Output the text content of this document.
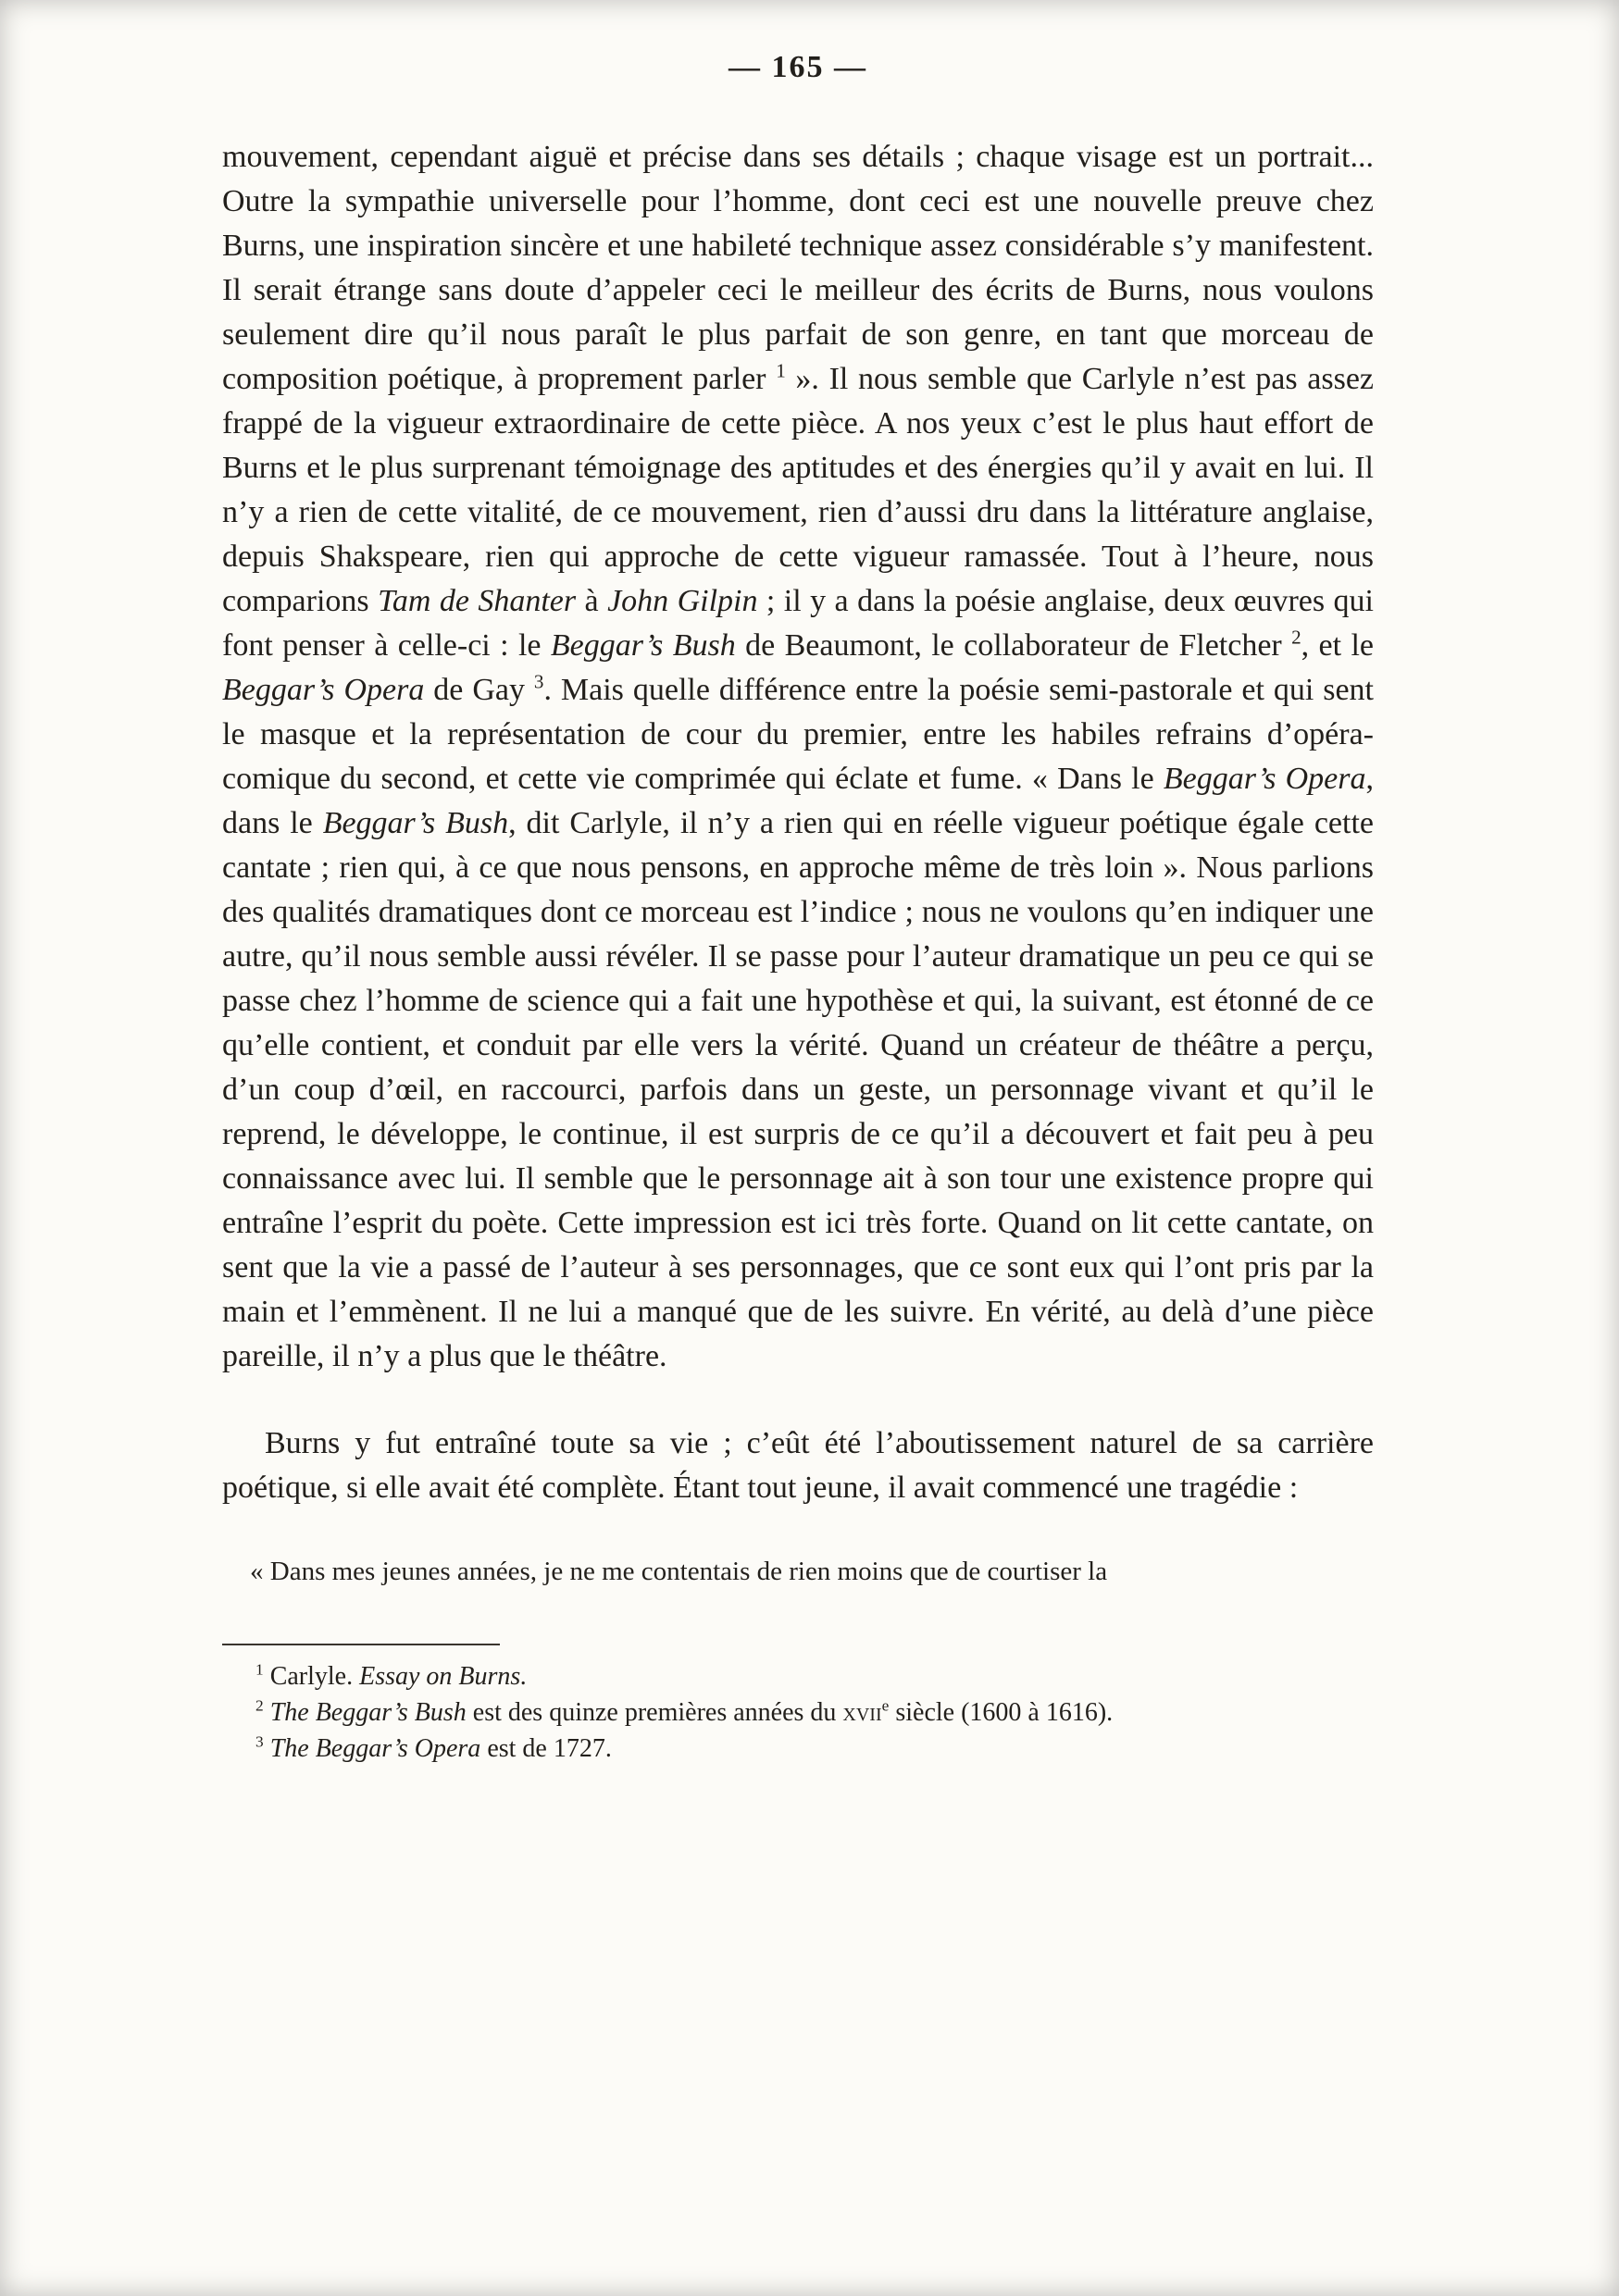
— 165 —

mouvement, cependant aiguë et précise dans ses détails ; chaque visage est un portrait... Outre la sympathie universelle pour l’homme, dont ceci est une nouvelle preuve chez Burns, une inspiration sincère et une habileté technique assez considérable s’y manifestent. Il serait étrange sans doute d’appeler ceci le meilleur des écrits de Burns, nous voulons seulement dire qu’il nous paraît le plus parfait de son genre, en tant que morceau de composition poétique, à proprement parler $^1$ ». Il nous semble que Carlyle n’est pas assez frappé de la vigueur extraordinaire de cette pièce. A nos yeux c’est le plus haut effort de Burns et le plus surprenant témoignage des aptitudes et des énergies qu’il y avait en lui. Il n’y a rien de cette vitalité, de ce mouvement, rien d’aussi dru dans la littérature anglaise, depuis Shakspeare, rien qui approche de cette vigueur ramassée. Tout à l’heure, nous comparions Tam de Shanter à John Gilpin ; il y a dans la poésie anglaise, deux œuvres qui font penser à celle-ci : le Beggar’s Bush de Beaumont, le collaborateur de Fletcher $^2$, et le Beggar’s Opera de Gay $^3$. Mais quelle différence entre la poésie semi-pastorale et qui sent le masque et la représentation de cour du premier, entre les habiles refrains d’opéra-comique du second, et cette vie comprimée qui éclate et fume. « Dans le Beggar’s Opera, dans le Beggar’s Bush, dit Carlyle, il n’y a rien qui en réelle vigueur poétique égale cette cantate ; rien qui, à ce que nous pensons, en approche même de très loin ». Nous parlions des qualités dramatiques dont ce morceau est l’indice ; nous ne voulons qu’en indiquer une autre, qu’il nous semble aussi révéler. Il se passe pour l’auteur dramatique un peu ce qui se passe chez l’homme de science qui a fait une hypothèse et qui, la suivant, est étonné de ce qu’elle contient, et conduit par elle vers la vérité. Quand un créateur de théâtre a perçu, d’un coup d’œil, en raccourci, parfois dans un geste, un personnage vivant et qu’il le reprend, le développe, le continue, il est surpris de ce qu’il a découvert et fait peu à peu connaissance avec lui. Il semble que le personnage ait à son tour une existence propre qui entraîne l’esprit du poète. Cette impression est ici très forte. Quand on lit cette cantate, on sent que la vie a passé de l’auteur à ses personnages, que ce sont eux qui l’ont pris par la main et l’emmènent. Il ne lui a manqué que de les suivre. En vérité, au delà d’une pièce pareille, il n’y a plus que le théâtre.

Burns y fut entraîné toute sa vie ; c’eût été l’aboutissement naturel de sa carrière poétique, si elle avait été complète. Étant tout jeune, il avait commencé une tragédie :

« Dans mes jeunes années, je ne me contentais de rien moins que de courtiser la

$^1$ Carlyle. Essay on Burns.

$^2$ The Beggar’s Bush est des quinze premières années du xvii$^e$ siècle (1600 à 1616).

$^3$ The Beggar’s Opera est de 1727.
